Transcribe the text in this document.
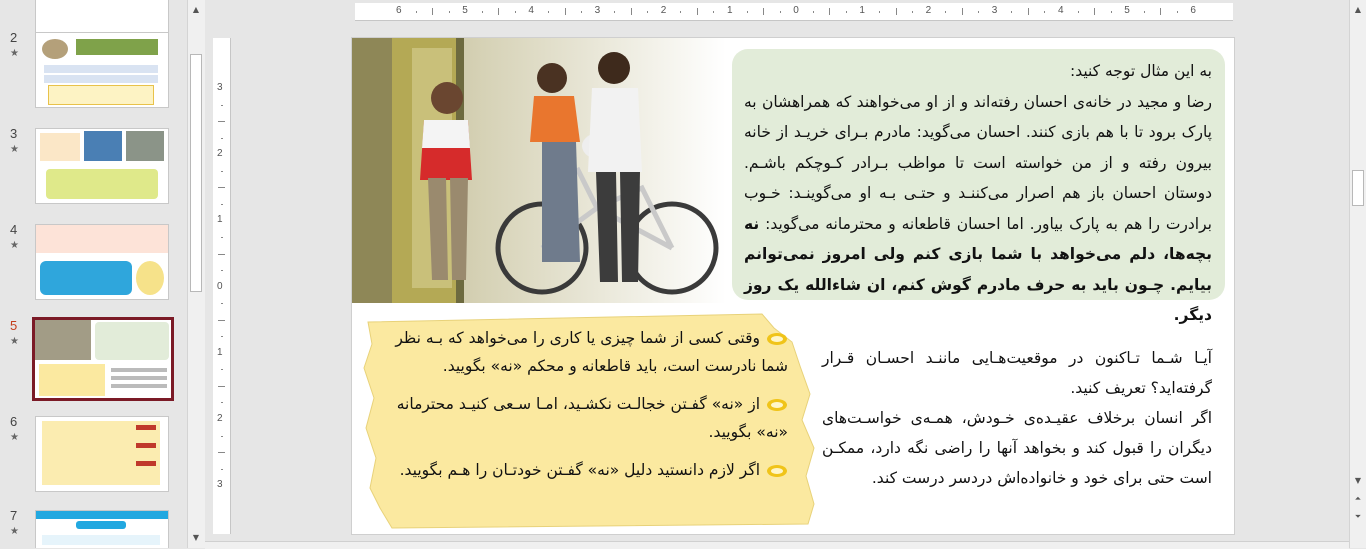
2
★
3
★
4
★
5
★
6
★
7
★
▲
▼
6	5	4	3	2	1	0	1	2	3	4	5	6
3
2
1
0
1
2
3

به این مثال توجه کنید:

رضا و مجید در خانه‌ی احسان رفته‌اند و از او می‌خواهند که همراهشان به پارک برود تا با هم بازی کنند. احسان می‌گوید: مادرم بـرای خریـد از خانه بیرون رفته و از من خواسته است تا مواظب بـرادر کـوچکم باشـم. دوستان احسان باز هم اصرار می‌کننـد و حتـی بـه او می‌گوینـد: خـوب برادرت را هم به پارک بیاور. اما احسان قاطعانه و محترمانه می‌گوید: نه بچه‌ها، دلم می‌خواهد با شما بازی کنم ولی امروز نمی‌توانم بیایم. چـون باید به حرف مادرم گوش کنم، ان شاءالله یک روز دیگر.

وقتی کسی از شما چیزی یا کاری را می‌خواهد که بـه نظر شما نادرست است، باید قاطعانه و محکم «نه» بگویید.

از «نه» گفـتن خجالـت نکشـید، امـا سـعی کنیـد محترمانه «نه» بگویید.

اگر لازم دانستید دلیل «نه» گفـتن خودتـان را هـم بگویید.

آیـا شـما تـاکنون در موقعیت‌هـایی ماننـد احسـان قـرار گرفته‌اید؟ تعریف کنید.

اگر انسان برخلاف عقیـده‌ی خـودش، همـه‌ی خواسـت‌های دیگران را قبول کند و بخواهد آنها را راضی نگه دارد، ممکـن است حتی برای خود و خانواده‌اش دردسر درست کند.

▲
▼
⏶
⏷
